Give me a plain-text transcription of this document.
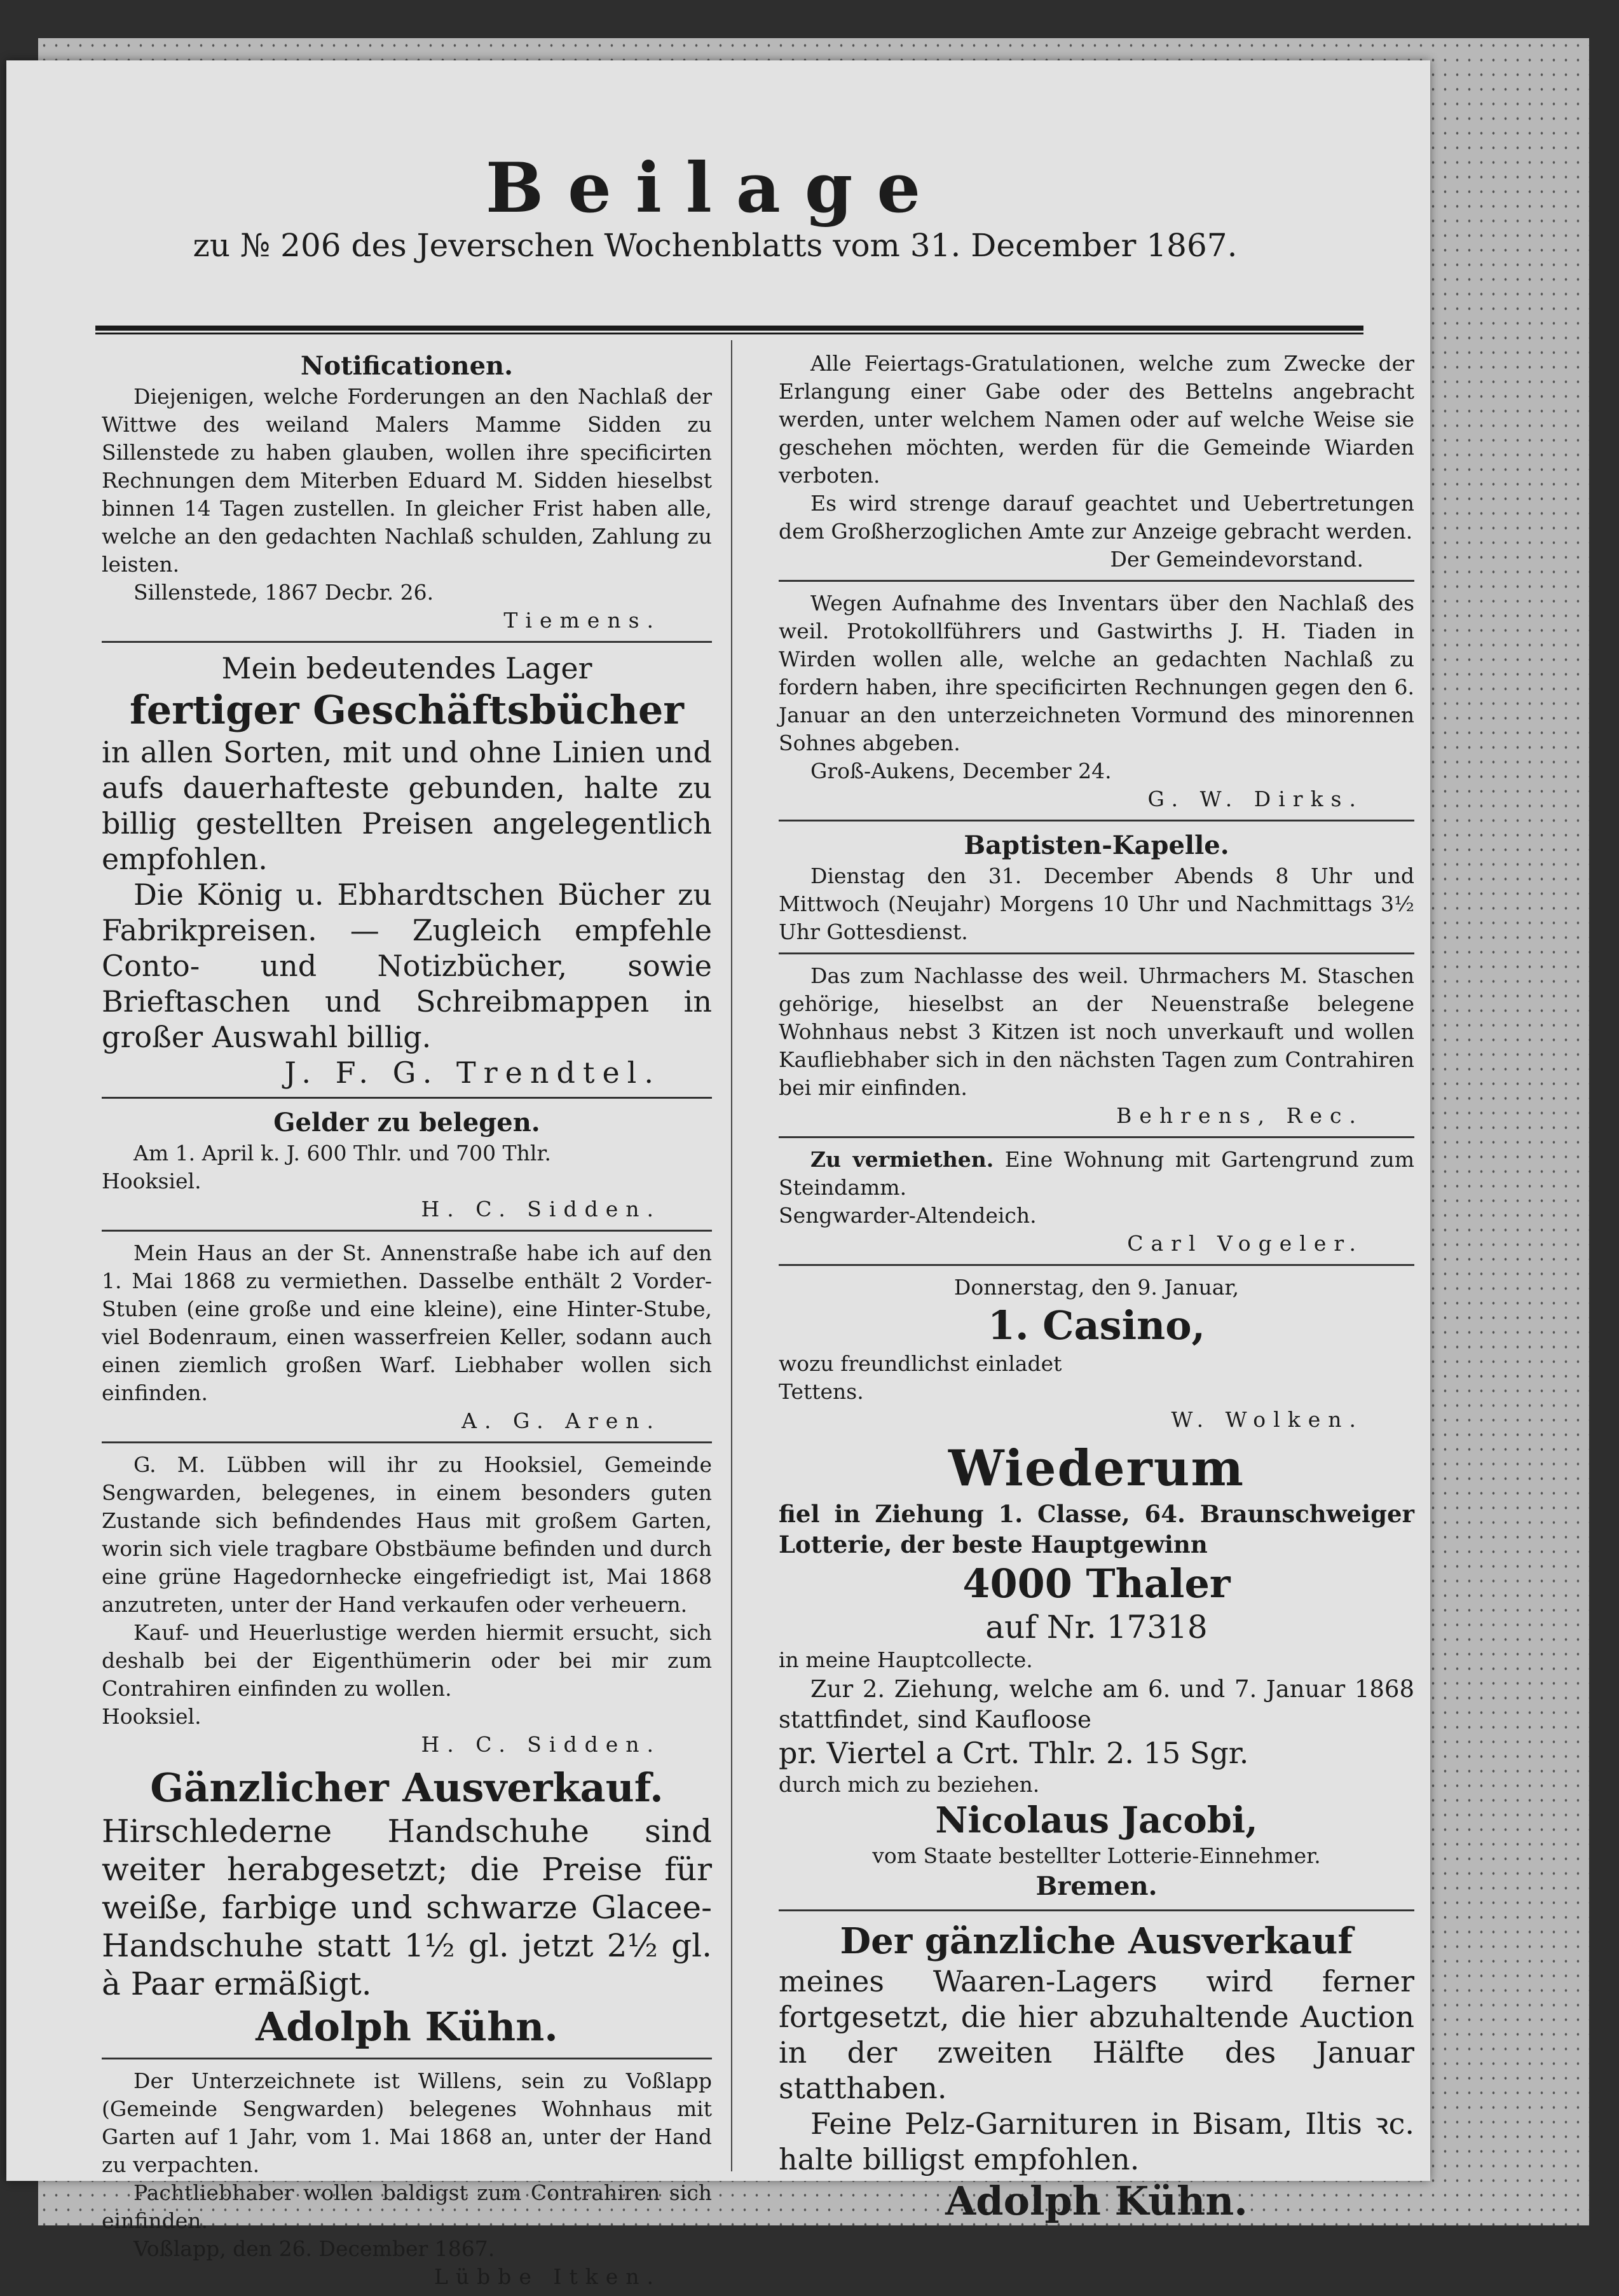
Beilage
zu № 206 des Jeverschen Wochenblatts vom 31. December 1867.
Notificationen.
Diejenigen, welche Forderungen an den Nachlaß der Wittwe des weiland Malers Mamme Sidden zu Sillenstede zu haben glauben, wollen ihre specificirten Rechnungen dem Miterben Eduard M. Sidden hieselbst binnen 14 Tagen zustellen. In gleicher Frist haben alle, welche an den gedachten Nachlaß schulden, Zahlung zu leisten.
Sillenstede, 1867 Decbr. 26.
Tiemens.
Mein bedeutendes Lager
fertiger Geschäftsbücher
in allen Sorten, mit und ohne Linien und aufs dauerhafteste gebunden, halte zu billig gestellten Preisen angelegentlich empfohlen.
Die König u. Ebhardtschen Bücher zu Fabrikpreisen. — Zugleich empfehle Conto- und Notizbücher, sowie Brieftaschen und Schreibmappen in großer Auswahl billig.
J. F. G. Trendtel.
Gelder zu belegen.
Am 1. April k. J. 600 Thlr. und 700 Thlr.
Hooksiel.
H. C. Sidden.
Mein Haus an der St. Annenstraße habe ich auf den 1. Mai 1868 zu vermiethen. Dasselbe enthält 2 Vorder-Stuben (eine große und eine kleine), eine Hinter-Stube, viel Bodenraum, einen wasserfreien Keller, sodann auch einen ziemlich großen Warf. Liebhaber wollen sich einfinden.
A. G. Aren.
G. M. Lübben will ihr zu Hooksiel, Gemeinde Sengwarden, belegenes, in einem besonders guten Zustande sich befindendes Haus mit großem Garten, worin sich viele tragbare Obstbäume befinden und durch eine grüne Hagedornhecke eingefriedigt ist, Mai 1868 anzutreten, unter der Hand verkaufen oder verheuern.
Kauf- und Heuerlustige werden hiermit ersucht, sich deshalb bei der Eigenthümerin oder bei mir zum Contrahiren einfinden zu wollen.
Hooksiel.
H. C. Sidden.
Gänzlicher Ausverkauf.
Hirschlederne Handschuhe sind weiter herabgesetzt; die Preise für weiße, farbige und schwarze Glacee-Handschuhe statt 1½ gl. jetzt 2½ gl. à Paar ermäßigt.
Adolph Kühn.
Der Unterzeichnete ist Willens, sein zu Voßlapp (Gemeinde Sengwarden) belegenes Wohnhaus mit Garten auf 1 Jahr, vom 1. Mai 1868 an, unter der Hand zu verpachten.
Pachtliebhaber wollen baldigst zum Contrahiren sich einfinden.
Voßlapp, den 26. December 1867.
Lübbe Itken.
Alle Feiertags-Gratulationen, welche zum Zwecke der Erlangung einer Gabe oder des Bettelns angebracht werden, unter welchem Namen oder auf welche Weise sie geschehen möchten, werden für die Gemeinde Wiarden verboten.
Es wird strenge darauf geachtet und Uebertretungen dem Großherzoglichen Amte zur Anzeige gebracht werden.
Der Gemeindevorstand.
Wegen Aufnahme des Inventars über den Nachlaß des weil. Protokollführers und Gastwirths J. H. Tiaden in Wirden wollen alle, welche an gedachten Nachlaß zu fordern haben, ihre specificirten Rechnungen gegen den 6. Januar an den unterzeichneten Vormund des minorennen Sohnes abgeben.
Groß-Aukens, December 24.
G. W. Dirks.
Baptisten-Kapelle.
Dienstag den 31. December Abends 8 Uhr und Mittwoch (Neujahr) Morgens 10 Uhr und Nachmittags 3½ Uhr Gottesdienst.
Das zum Nachlasse des weil. Uhrmachers M. Staschen gehörige, hieselbst an der Neuenstraße belegene Wohnhaus nebst 3 Kitzen ist noch unverkauft und wollen Kaufliebhaber sich in den nächsten Tagen zum Contrahiren bei mir einfinden.
Behrens, Rec.
Zu vermiethen. Eine Wohnung mit Gartengrund zum Steindamm.
Sengwarder-Altendeich.
Carl Vogeler.
Donnerstag, den 9. Januar,
1. Casino,
wozu freundlichst einladet
Tettens.
W. Wolken.
Wiederum
fiel in Ziehung 1. Classe, 64. Braunschweiger Lotterie, der beste Hauptgewinn
4000 Thaler
auf Nr. 17318
in meine Hauptcollecte.
Zur 2. Ziehung, welche am 6. und 7. Januar 1868 stattfindet, sind Kaufloose
pr. Viertel a Crt. Thlr. 2. 15 Sgr.
durch mich zu beziehen.
Nicolaus Jacobi,
vom Staate bestellter Lotterie-Einnehmer.
Bremen.
Der gänzliche Ausverkauf
meines Waaren-Lagers wird ferner fortgesetzt, die hier abzuhaltende Auction in der zweiten Hälfte des Januar statthaben.
Feine Pelz-Garnituren in Bisam, Iltis ꝛc. halte billigst empfohlen.
Adolph Kühn.
